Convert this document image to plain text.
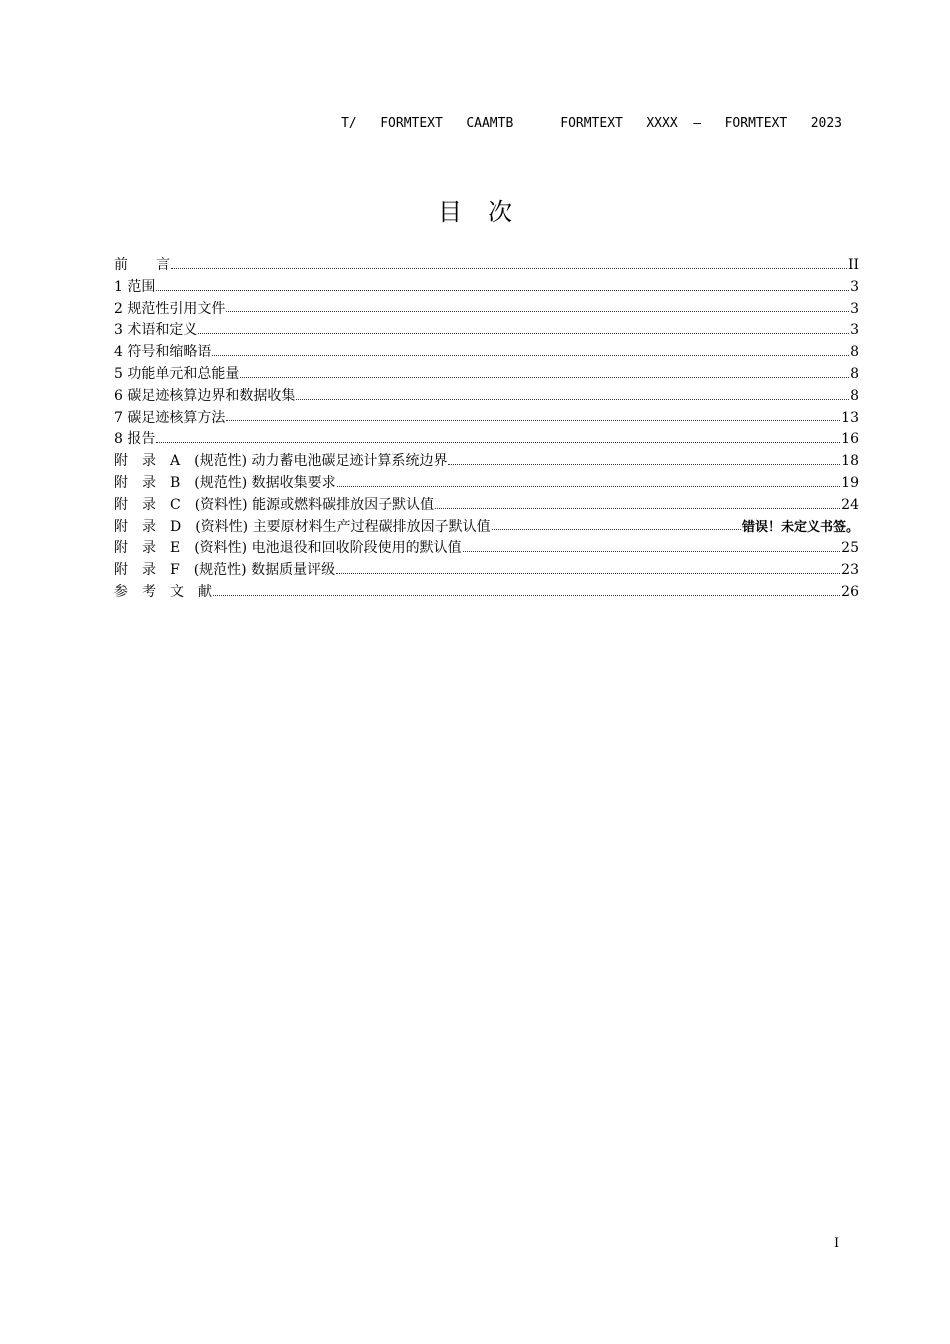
T/   FORMTEXT   CAAMTB      FORMTEXT   XXXX  —   FORMTEXT   2023
目 次
前　　言	II
1 范围	3
2 规范性引用文件	3
3 术语和定义	3
4 符号和缩略语	8
5 功能单元和总能量	8
6 碳足迹核算边界和数据收集	8
7 碳足迹核算方法	13
8 报告	16
附　录　A　(规范性) 动力蓄电池碳足迹计算系统边界	18
附　录　B　(规范性) 数据收集要求	19
附　录　C　(资料性) 能源或燃料碳排放因子默认值	24
附　录　D　(资料性) 主要原材料生产过程碳排放因子默认值	错误！未定义书签。
附　录　E　(资料性) 电池退役和回收阶段使用的默认值	25
附　录　F　(规范性) 数据质量评级	23
参　考　文　献	26
I
